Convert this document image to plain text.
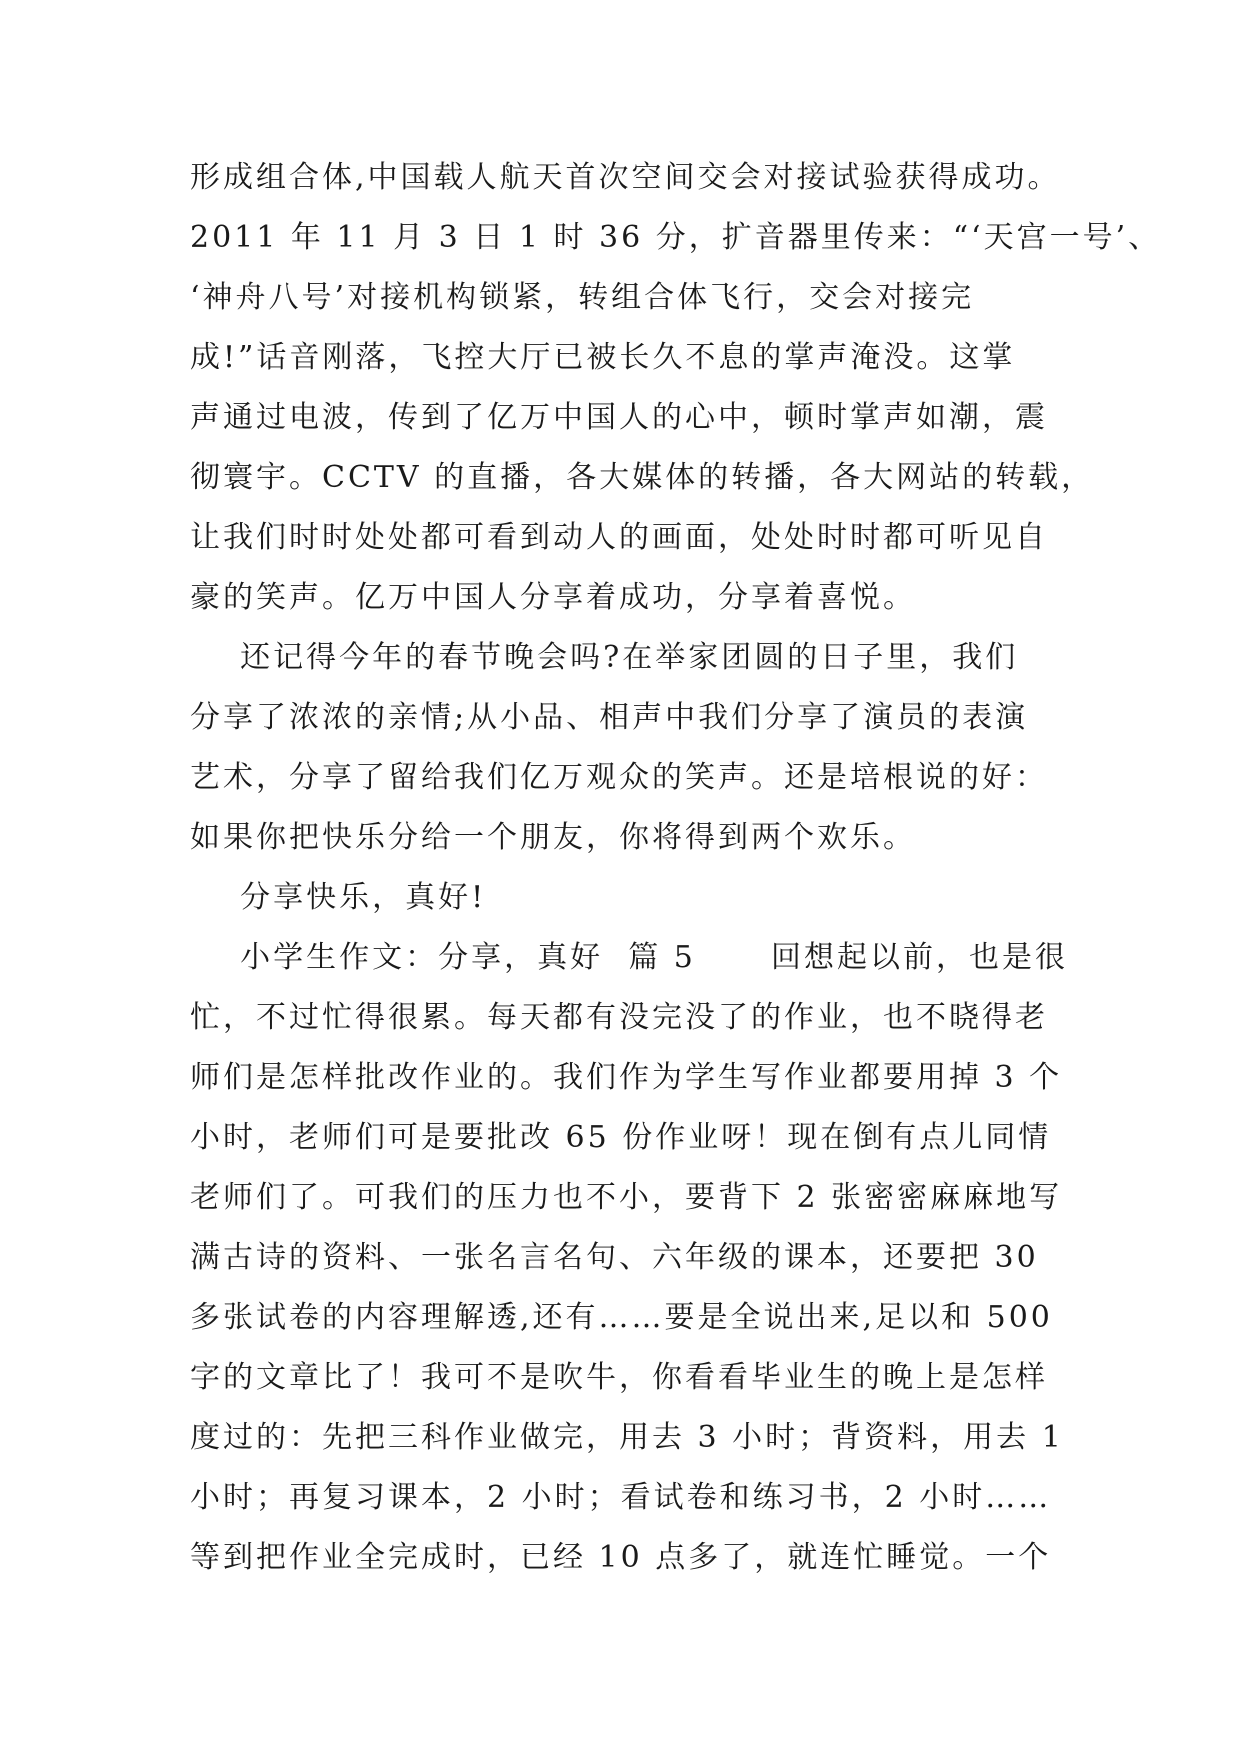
形成组合体,中国载人航天首次空间交会对接试验获得成功。
2011 年 11 月 3 日 1 时 36 分，扩音器里传来：“‘天宫一号’、
‘神舟八号’对接机构锁紧，转组合体飞行，交会对接完
成!”话音刚落，飞控大厅已被长久不息的掌声淹没。这掌
声通过电波，传到了亿万中国人的心中，顿时掌声如潮，震
彻寰宇。CCTV 的直播，各大媒体的转播，各大网站的转载，
让我们时时处处都可看到动人的画面，处处时时都可听见自
豪的笑声。亿万中国人分享着成功，分享着喜悦。
还记得今年的春节晚会吗?在举家团圆的日子里，我们
分享了浓浓的亲情;从小品、相声中我们分享了演员的表演
艺术，分享了留给我们亿万观众的笑声。还是培根说的好：
如果你把快乐分给一个朋友，你将得到两个欢乐。
分享快乐，真好!
小学生作文：分享，真好  篇 5      回想起以前，也是很
忙，不过忙得很累。每天都有没完没了的作业，也不晓得老
师们是怎样批改作业的。我们作为学生写作业都要用掉 3 个
小时，老师们可是要批改 65 份作业呀！现在倒有点儿同情
老师们了。可我们的压力也不小，要背下 2 张密密麻麻地写
满古诗的资料、一张名言名句、六年级的课本，还要把 30
多张试卷的内容理解透,还有……要是全说出来,足以和 500
字的文章比了！我可不是吹牛，你看看毕业生的晚上是怎样
度过的：先把三科作业做完，用去 3 小时；背资料，用去 1
小时；再复习课本，2 小时；看试卷和练习书，2 小时……
等到把作业全完成时，已经 10 点多了，就连忙睡觉。一个
